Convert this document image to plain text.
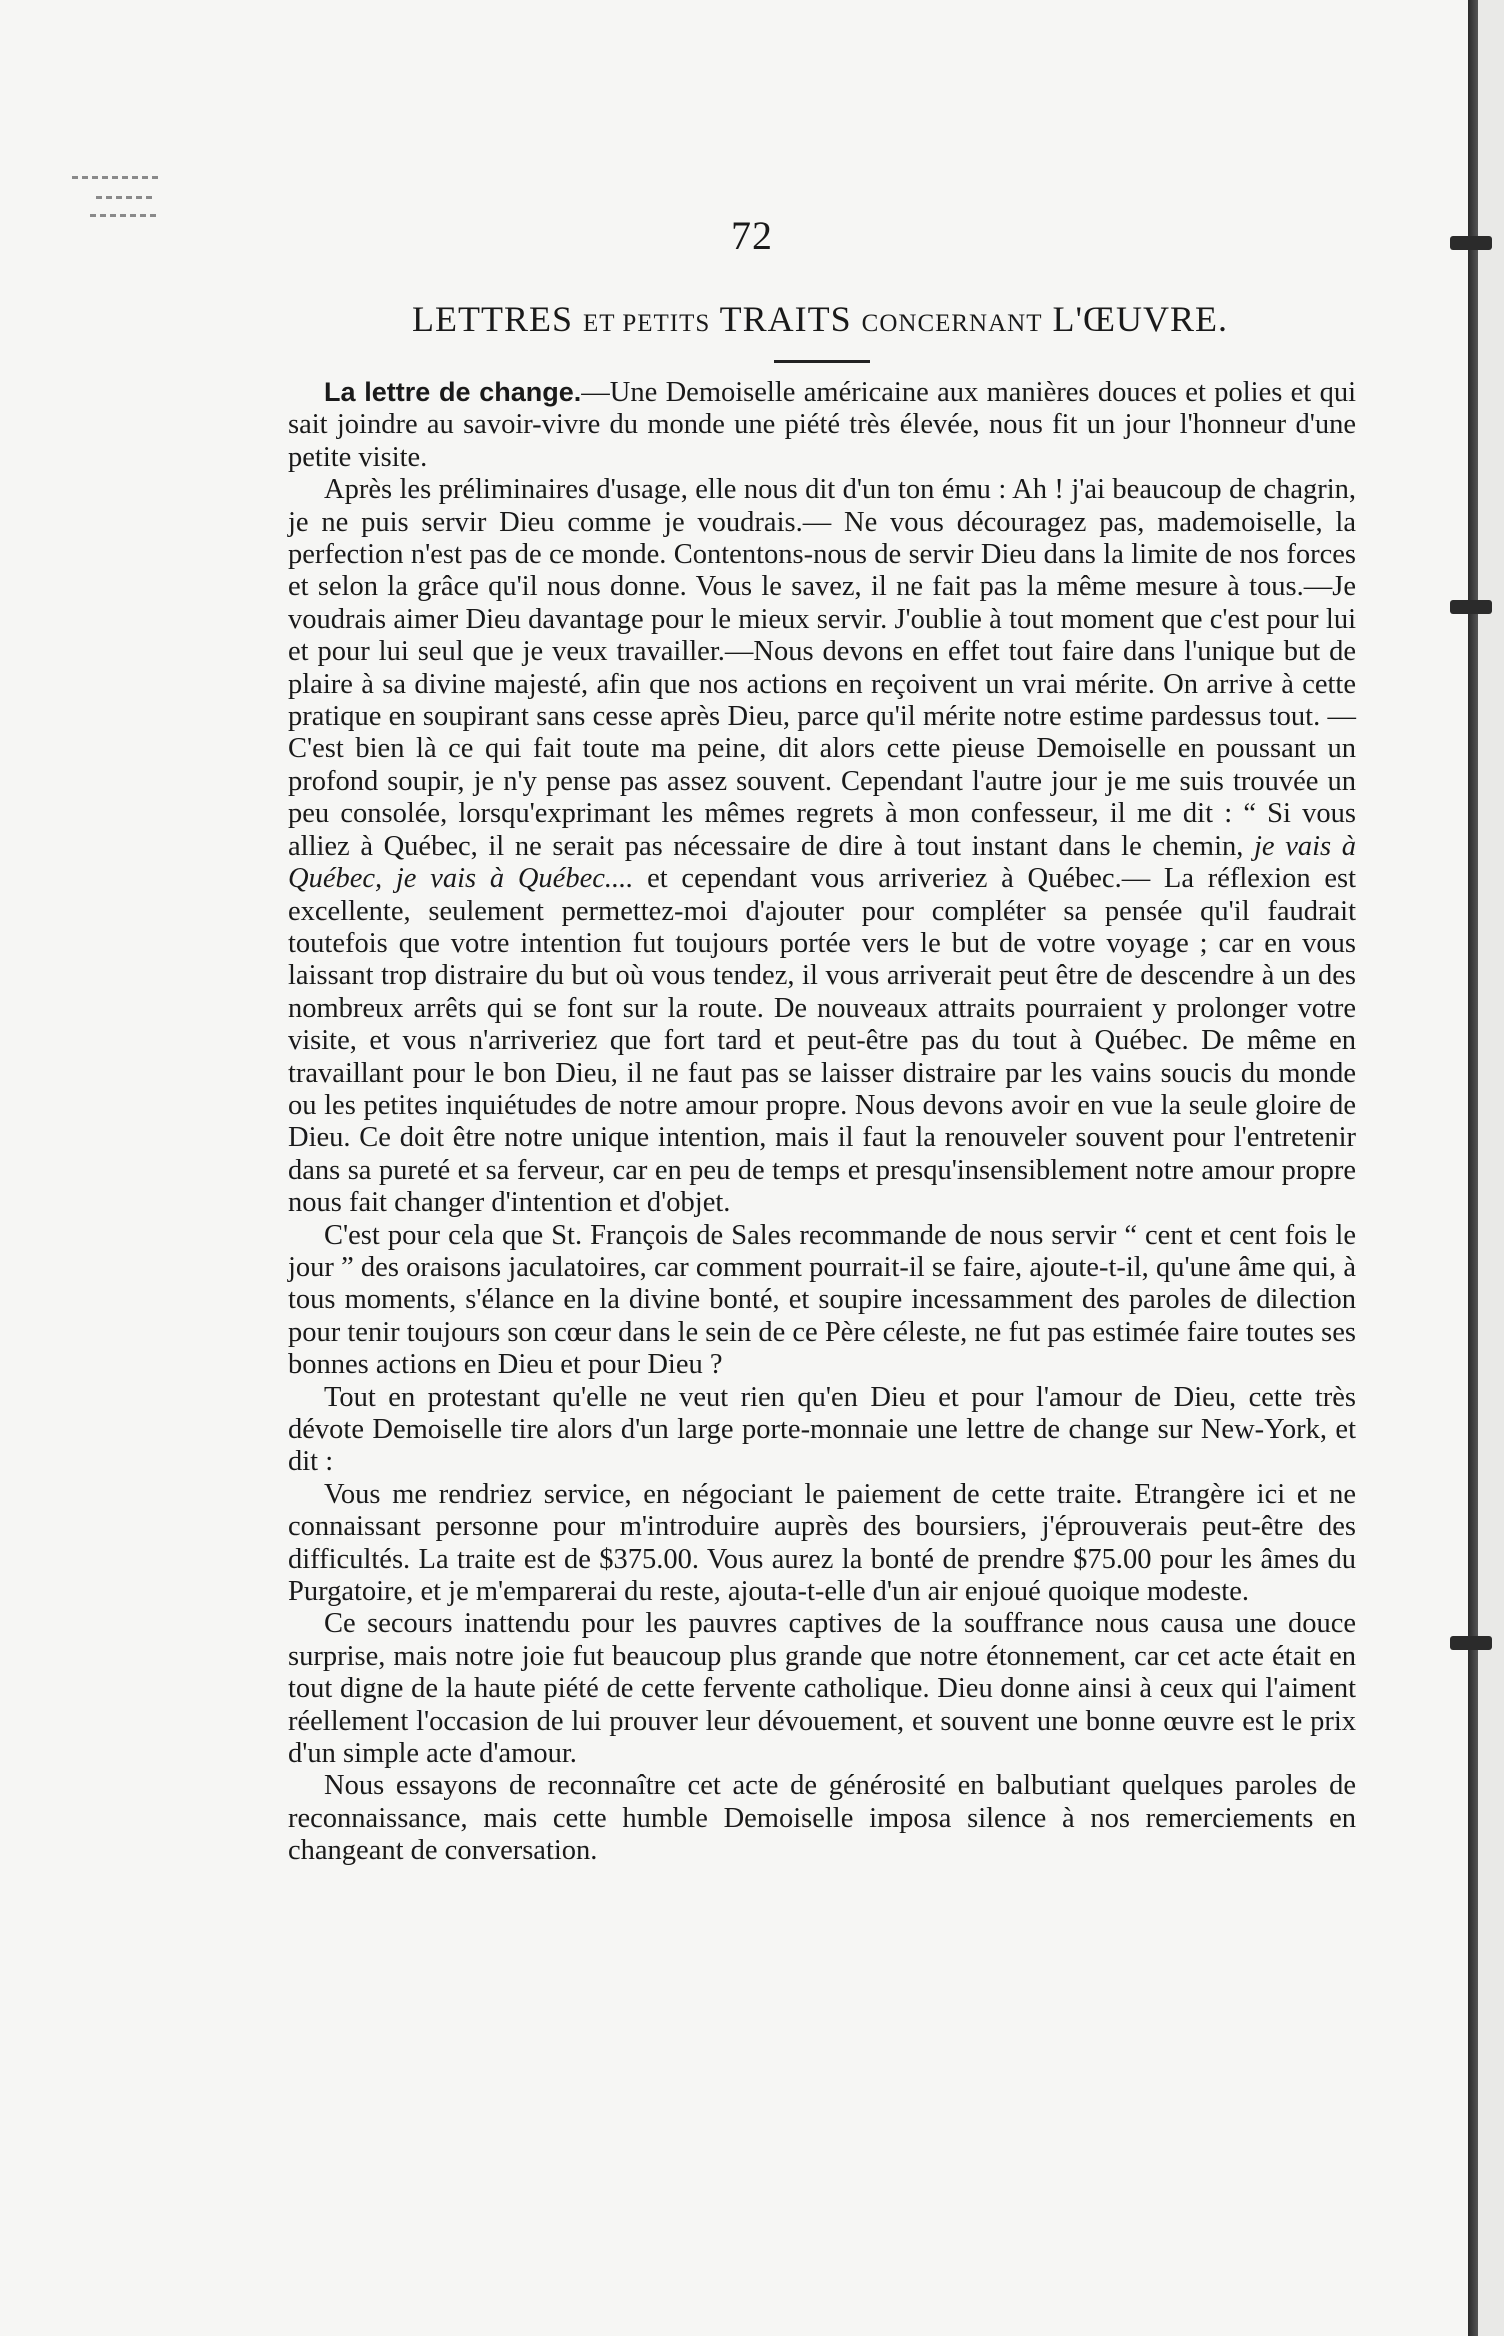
72
LETTRES ET PETITS TRAITS CONCERNANT L'ŒUVRE.

La lettre de change.—Une Demoiselle américaine aux manières douces et polies et qui sait joindre au savoir-vivre du monde une piété très élevée, nous fit un jour l'honneur d'une petite visite.

Après les préliminaires d'usage, elle nous dit d'un ton ému : Ah ! j'ai beaucoup de chagrin, je ne puis servir Dieu comme je voudrais.— Ne vous découragez pas, mademoiselle, la perfection n'est pas de ce monde. Contentons-nous de servir Dieu dans la limite de nos forces et selon la grâce qu'il nous donne. Vous le savez, il ne fait pas la même mesure à tous.—Je voudrais aimer Dieu davantage pour le mieux servir. J'oublie à tout moment que c'est pour lui et pour lui seul que je veux travailler.—Nous devons en effet tout faire dans l'unique but de plaire à sa divine majesté, afin que nos actions en reçoivent un vrai mérite. On arrive à cette pratique en soupirant sans cesse après Dieu, parce qu'il mérite notre estime pardessus tout. —C'est bien là ce qui fait toute ma peine, dit alors cette pieuse Demoiselle en poussant un profond soupir, je n'y pense pas assez souvent. Cependant l'autre jour je me suis trouvée un peu consolée, lorsqu'exprimant les mêmes regrets à mon confesseur, il me dit : “ Si vous alliez à Québec, il ne serait pas nécessaire de dire à tout instant dans le chemin, je vais à Québec, je vais à Québec.... et cependant vous arriveriez à Québec.— La réflexion est excellente, seulement permettez-moi d'ajouter pour compléter sa pensée qu'il faudrait toutefois que votre intention fut toujours portée vers le but de votre voyage ; car en vous laissant trop distraire du but où vous tendez, il vous arriverait peut être de descendre à un des nombreux arrêts qui se font sur la route. De nouveaux attraits pourraient y prolonger votre visite, et vous n'arriveriez que fort tard et peut-être pas du tout à Québec. De même en travaillant pour le bon Dieu, il ne faut pas se laisser distraire par les vains soucis du monde ou les petites inquiétudes de notre amour propre. Nous devons avoir en vue la seule gloire de Dieu. Ce doit être notre unique intention, mais il faut la renouveler souvent pour l'entretenir dans sa pureté et sa ferveur, car en peu de temps et presqu'insensiblement notre amour propre nous fait changer d'intention et d'objet.

C'est pour cela que St. François de Sales recommande de nous servir “ cent et cent fois le jour ” des oraisons jaculatoires, car comment pourrait-il se faire, ajoute-t-il, qu'une âme qui, à tous moments, s'élance en la divine bonté, et soupire incessamment des paroles de dilection pour tenir toujours son cœur dans le sein de ce Père céleste, ne fut pas estimée faire toutes ses bonnes actions en Dieu et pour Dieu ?

Tout en protestant qu'elle ne veut rien qu'en Dieu et pour l'amour de Dieu, cette très dévote Demoiselle tire alors d'un large porte-monnaie une lettre de change sur New-York, et dit :

Vous me rendriez service, en négociant le paiement de cette traite. Etrangère ici et ne connaissant personne pour m'introduire auprès des boursiers, j'éprouverais peut-être des difficultés. La traite est de $375.00. Vous aurez la bonté de prendre $75.00 pour les âmes du Purgatoire, et je m'emparerai du reste, ajouta-t-elle d'un air enjoué quoique modeste.

Ce secours inattendu pour les pauvres captives de la souffrance nous causa une douce surprise, mais notre joie fut beaucoup plus grande que notre étonnement, car cet acte était en tout digne de la haute piété de cette fervente catholique. Dieu donne ainsi à ceux qui l'aiment réellement l'occasion de lui prouver leur dévouement, et souvent une bonne œuvre est le prix d'un simple acte d'amour.

Nous essayons de reconnaître cet acte de générosité en balbutiant quelques paroles de reconnaissance, mais cette humble Demoiselle imposa silence à nos remerciements en changeant de conversation.
